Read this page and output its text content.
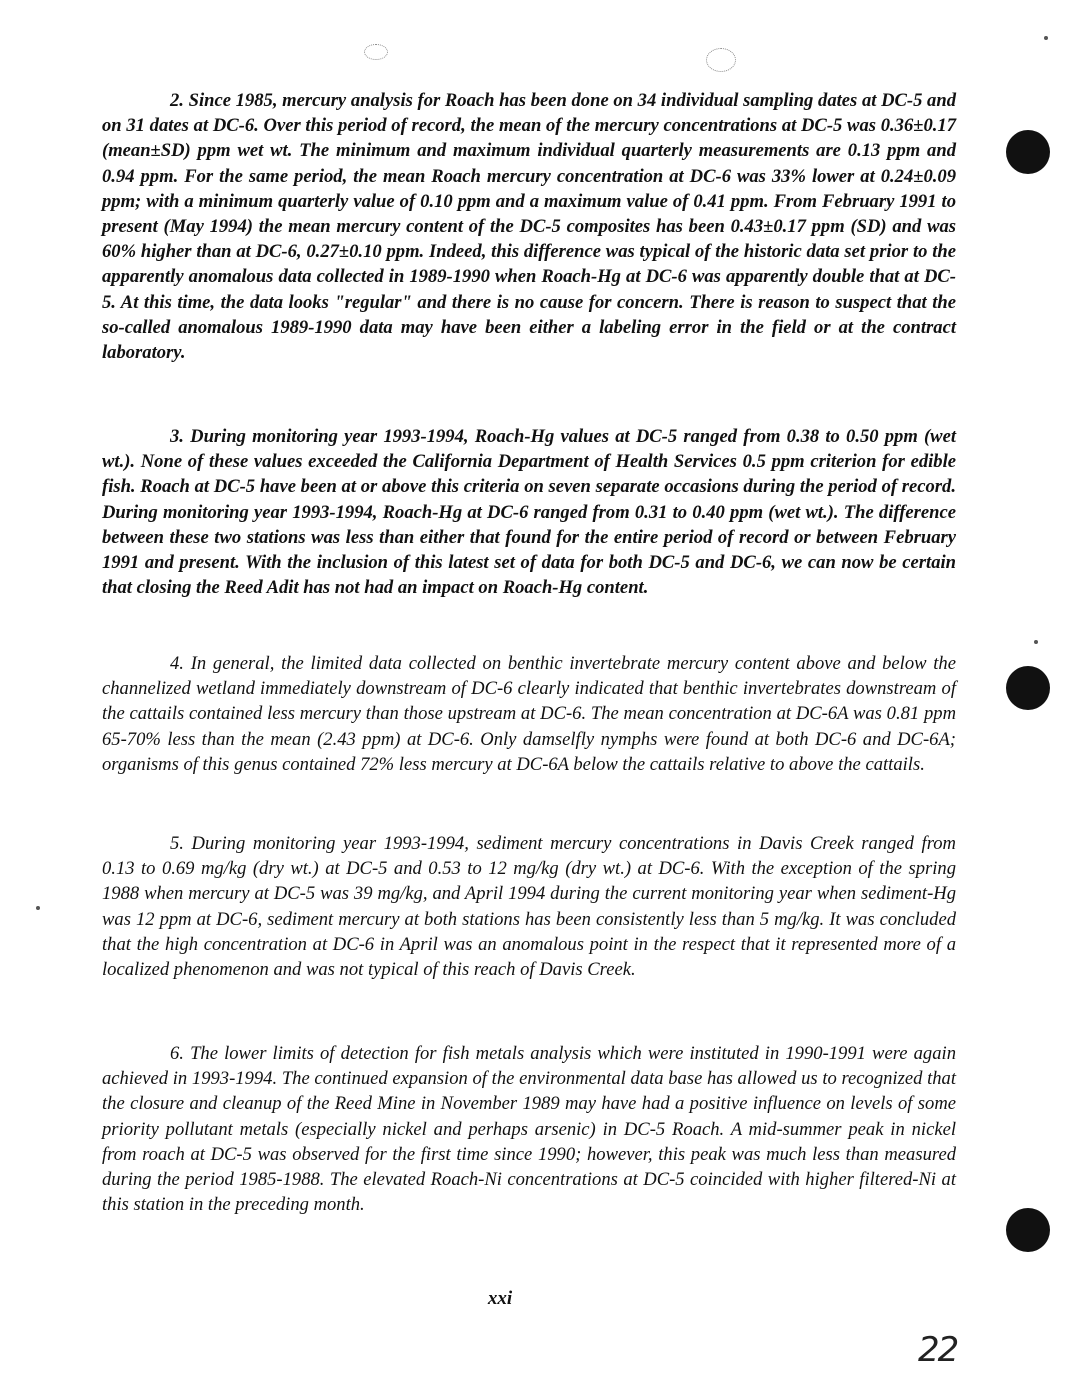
2. Since 1985, mercury analysis for Roach has been done on 34 individual sampling dates at DC-5 and on 31 dates at DC-6. Over this period of record, the mean of the mercury concentrations at DC-5 was 0.36±0.17 (mean±SD) ppm wet wt. The minimum and maximum individual quarterly measurements are 0.13 ppm and 0.94 ppm. For the same period, the mean Roach mercury concentration at DC-6 was 33% lower at 0.24±0.09 ppm; with a minimum quarterly value of 0.10 ppm and a maximum value of 0.41 ppm. From February 1991 to present (May 1994) the mean mercury content of the DC-5 composites has been 0.43±0.17 ppm (SD) and was 60% higher than at DC-6, 0.27±0.10 ppm. Indeed, this difference was typical of the historic data set prior to the apparently anomalous data collected in 1989-1990 when Roach-Hg at DC-6 was apparently double that at DC-5. At this time, the data looks "regular" and there is no cause for concern. There is reason to suspect that the so-called anomalous 1989-1990 data may have been either a labeling error in the field or at the contract laboratory.

3. During monitoring year 1993-1994, Roach-Hg values at DC-5 ranged from 0.38 to 0.50 ppm (wet wt.). None of these values exceeded the California Department of Health Services 0.5 ppm criterion for edible fish. Roach at DC-5 have been at or above this criteria on seven separate occasions during the period of record. During monitoring year 1993-1994, Roach-Hg at DC-6 ranged from 0.31 to 0.40 ppm (wet wt.). The difference between these two stations was less than either that found for the entire period of record or between February 1991 and present. With the inclusion of this latest set of data for both DC-5 and DC-6, we can now be certain that closing the Reed Adit has not had an impact on Roach-Hg content.

4. In general, the limited data collected on benthic invertebrate mercury content above and below the channelized wetland immediately downstream of DC-6 clearly indicated that benthic invertebrates downstream of the cattails contained less mercury than those upstream at DC-6. The mean concentration at DC-6A was 0.81 ppm 65-70% less than the mean (2.43 ppm) at DC-6. Only damselfly nymphs were found at both DC-6 and DC-6A; organisms of this genus contained 72% less mercury at DC-6A below the cattails relative to above the cattails.

5. During monitoring year 1993-1994, sediment mercury concentrations in Davis Creek ranged from 0.13 to 0.69 mg/kg (dry wt.) at DC-5 and 0.53 to 12 mg/kg (dry wt.) at DC-6. With the exception of the spring 1988 when mercury at DC-5 was 39 mg/kg, and April 1994 during the current monitoring year when sediment-Hg was 12 ppm at DC-6, sediment mercury at both stations has been consistently less than 5 mg/kg. It was concluded that the high concentration at DC-6 in April was an anomalous point in the respect that it represented more of a localized phenomenon and was not typical of this reach of Davis Creek.

6. The lower limits of detection for fish metals analysis which were instituted in 1990-1991 were again achieved in 1993-1994. The continued expansion of the environmental data base has allowed us to recognized that the closure and cleanup of the Reed Mine in November 1989 may have had a positive influence on levels of some priority pollutant metals (especially nickel and perhaps arsenic) in DC-5 Roach. A mid-summer peak in nickel from roach at DC-5 was observed for the first time since 1990; however, this peak was much less than measured during the period 1985-1988. The elevated Roach-Ni concentrations at DC-5 coincided with higher filtered-Ni at this station in the preceding month.

xxi
22
